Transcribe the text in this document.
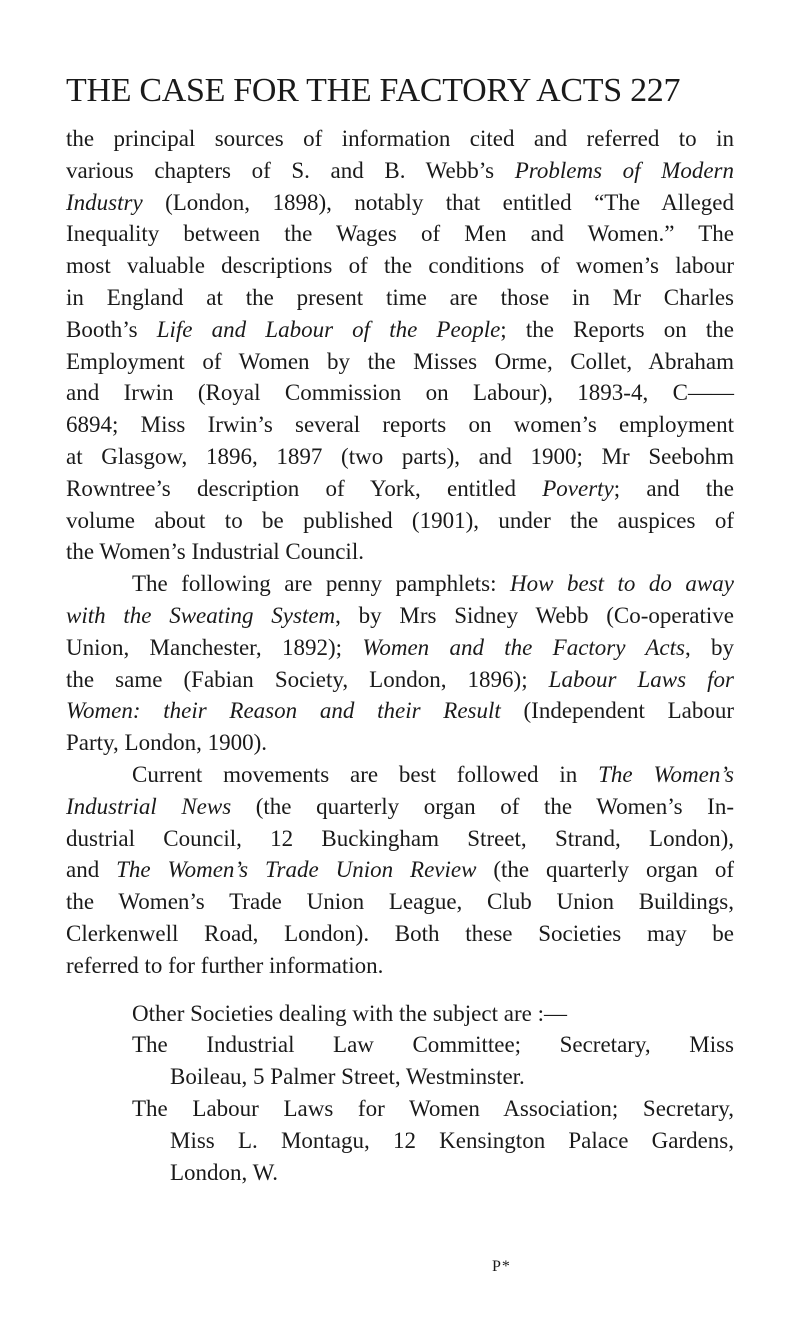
THE CASE FOR THE FACTORY ACTS 227
the principal sources of information cited and referred to in
various chapters of S. and B. Webb’s Problems of Modern
Industry (London, 1898), notably that entitled “The Alleged
Inequality between the Wages of Men and Women.” The
most valuable descriptions of the conditions of women’s labour
in England at the present time are those in Mr Charles
Booth’s Life and Labour of the People; the Reports on the
Employment of Women by the Misses Orme, Collet, Abraham
and Irwin (Royal Commission on Labour), 1893-4, C——
6894; Miss Irwin’s several reports on women’s employment
at Glasgow, 1896, 1897 (two parts), and 1900; Mr Seebohm
Rowntree’s description of York, entitled Poverty; and the
volume about to be published (1901), under the auspices of
the Women’s Industrial Council.
The following are penny pamphlets: How best to do away
with the Sweating System, by Mrs Sidney Webb (Co-operative
Union, Manchester, 1892); Women and the Factory Acts, by
the same (Fabian Society, London, 1896); Labour Laws for
Women: their Reason and their Result (Independent Labour
Party, London, 1900).
Current movements are best followed in The Women’s
Industrial News (the quarterly organ of the Women’s In-
dustrial Council, 12 Buckingham Street, Strand, London),
and The Women’s Trade Union Review (the quarterly organ of
the Women’s Trade Union League, Club Union Buildings,
Clerkenwell Road, London). Both these Societies may be
referred to for further information.
Other Societies dealing with the subject are :—
The Industrial Law Committee; Secretary, Miss
Boileau, 5 Palmer Street, Westminster.
The Labour Laws for Women Association; Secretary,
Miss L. Montagu, 12 Kensington Palace Gardens,
London, W.
P*
